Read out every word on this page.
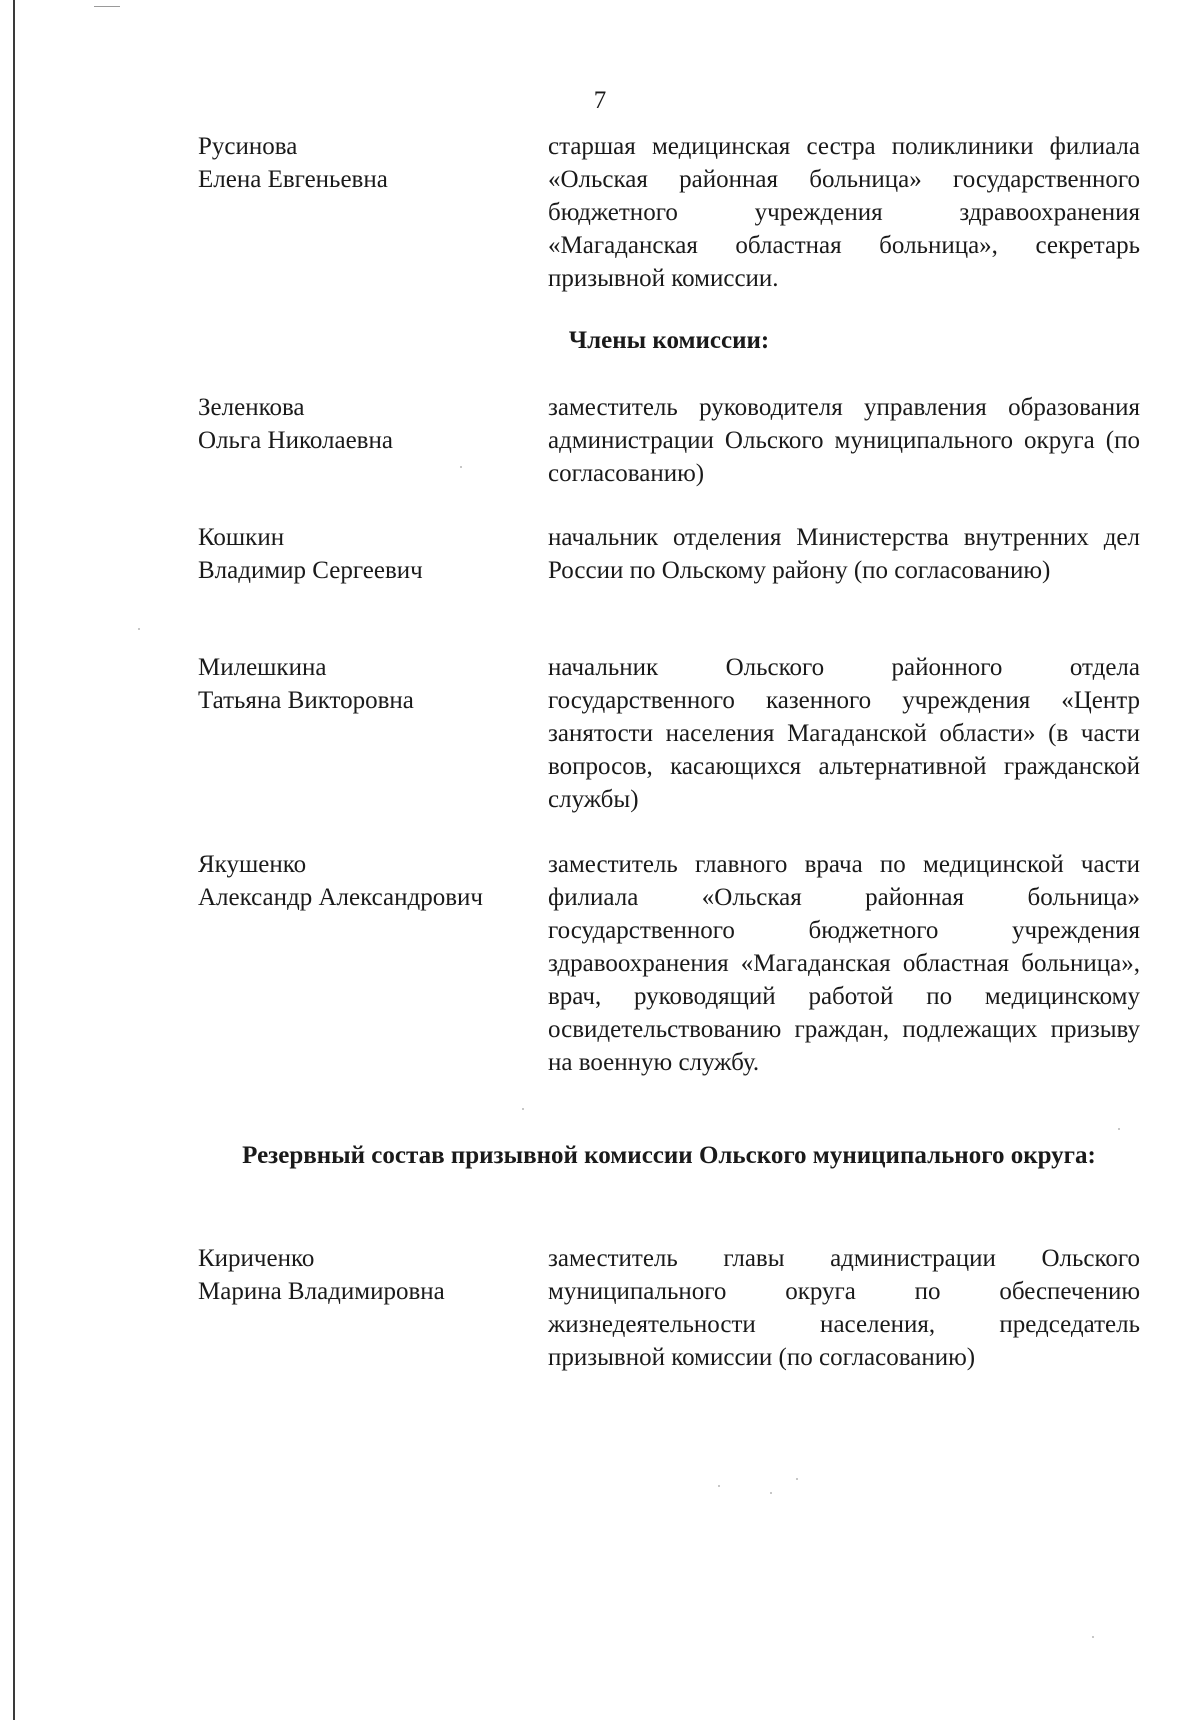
7
Русинова
Елена Евгеньевна
старшая медицинская сестра поликлиники филиала «Ольская районная больница» государственного бюджетного учреждения здравоохранения «Магаданская областная больница», секретарь призывной комиссии.
Члены комиссии:
Зеленкова
Ольга Николаевна
заместитель руководителя управления образования администрации Ольского муниципального округа (по согласованию)
Кошкин
Владимир Сергеевич
начальник отделения Министерства внутренних дел России по Ольскому району (по согласованию)
Милешкина
Татьяна Викторовна
начальник Ольского районного отдела государственного казенного учреждения «Центр занятости населения Магаданской области» (в части вопросов, касающихся альтернативной гражданской службы)
Якушенко
Александр Александрович
заместитель главного врача по медицинской части филиала «Ольская районная больница» государственного бюджетного учреждения здравоохранения «Магаданская областная больница», врач, руководящий работой по медицинскому освидетельствованию граждан, подлежащих призыву на военную службу.
Резервный состав призывной комиссии Ольского муниципального округа:
Кириченко
Марина Владимировна
заместитель главы администрации Ольского муниципального округа по обеспечению жизнедеятельности населения, председатель призывной комиссии (по согласованию)
